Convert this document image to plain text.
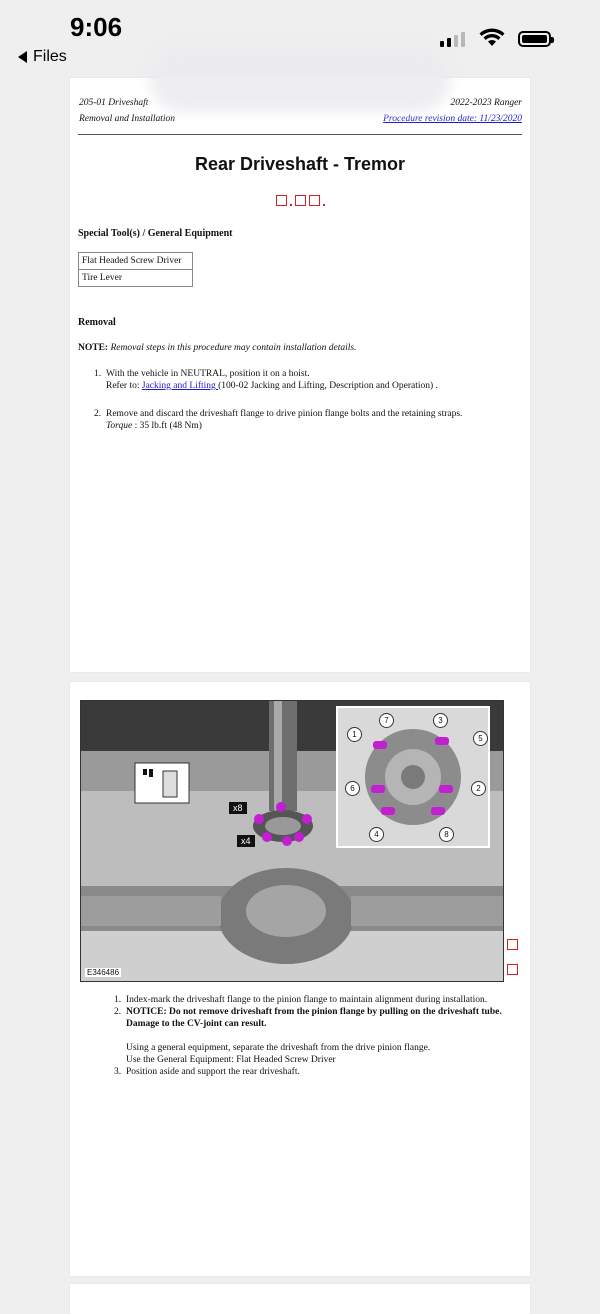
9:06
Files
205-01 Driveshaft	2022-2023 Ranger
Removal and Installation	Procedure revision date: 11/23/2020
Rear Driveshaft - Tremor
Special Tool(s) / General Equipment
Flat Headed Screw Driver
Tire Lever
Removal
NOTE: Removal steps in this procedure may contain installation details.
1. With the vehicle in NEUTRAL, position it on a hoist.
Refer to: Jacking and Lifting (100-02 Jacking and Lifting, Description and Operation) .
2. Remove and discard the driveshaft flange to drive pinion flange bolts and the retaining straps.
Torque : 35 lb.ft (48 Nm)
x8
x4
1
2
3
4
5
6
7
8
E346486
1. Index-mark the driveshaft flange to the pinion flange to maintain alignment during installation.
2. NOTICE: Do not remove driveshaft from the pinion flange by pulling on the driveshaft tube. Damage to the CV-joint can result.
Using a general equipment, separate the driveshaft from the drive pinion flange.
Use the General Equipment: Flat Headed Screw Driver
3. Position aside and support the rear driveshaft.
